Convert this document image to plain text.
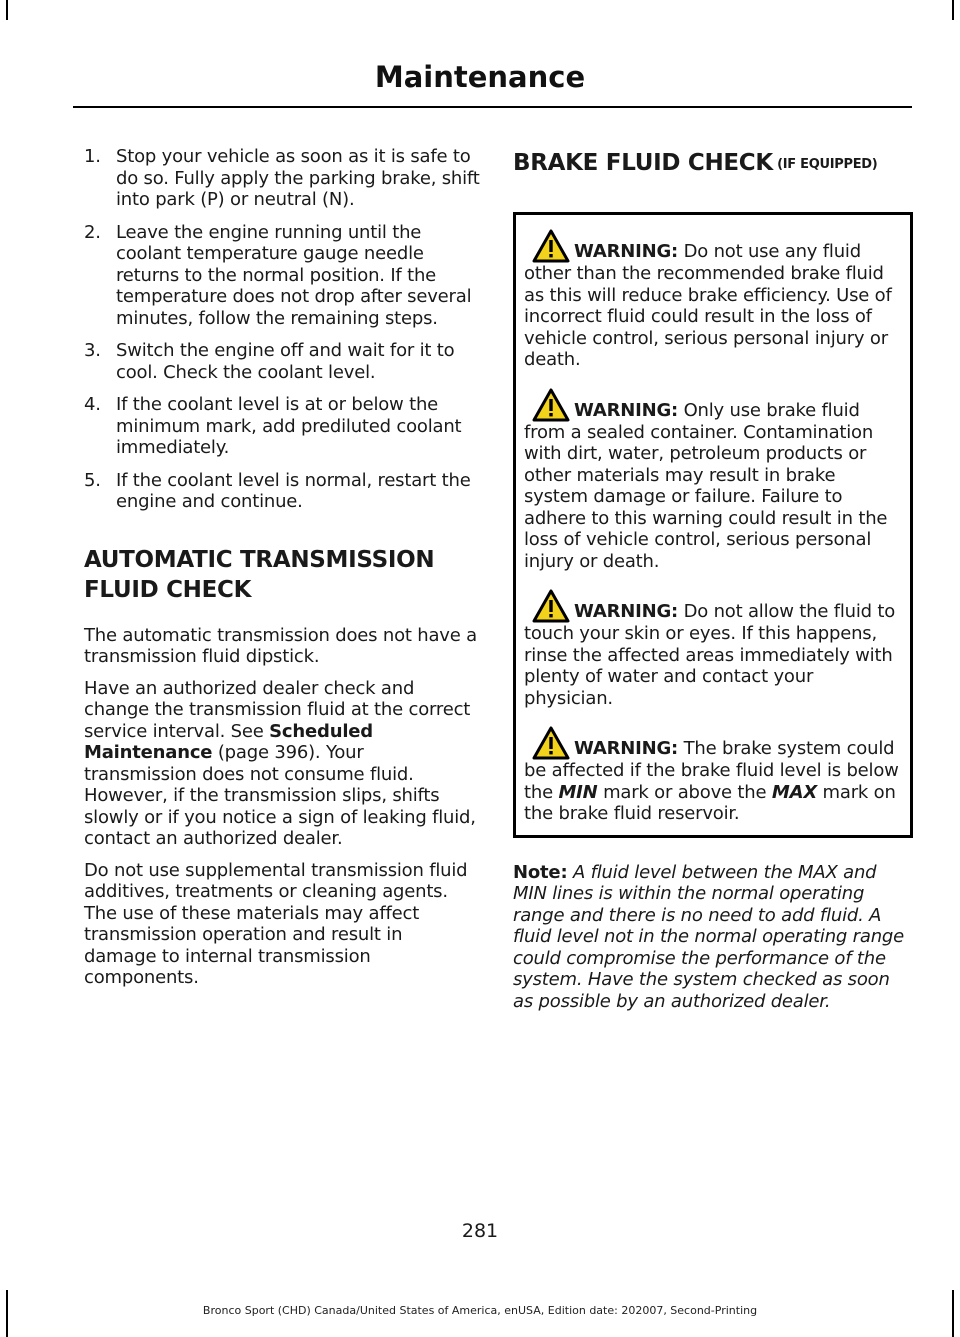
Maintenance
1. Stop your vehicle as soon as it is safe to do so. Fully apply the parking brake, shift into park (P) or neutral (N).
2. Leave the engine running until the coolant temperature gauge needle returns to the normal position. If the temperature does not drop after several minutes, follow the remaining steps.
3. Switch the engine off and wait for it to cool. Check the coolant level.
4. If the coolant level is at or below the minimum mark, add prediluted coolant immediately.
5. If the coolant level is normal, restart the engine and continue.
AUTOMATIC TRANSMISSION
FLUID CHECK

The automatic transmission does not have a transmission fluid dipstick.

Have an authorized dealer check and change the transmission fluid at the correct service interval. See Scheduled Maintenance (page 396). Your transmission does not consume fluid. However, if the transmission slips, shifts slowly or if you notice a sign of leaking fluid, contact an authorized dealer.

Do not use supplemental transmission fluid additives, treatments or cleaning agents. The use of these materials may affect transmission operation and result in damage to internal transmission components.

BRAKE FLUID CHECK (IF EQUIPPED)
WARNING: Do not use any fluid other than the recommended brake fluid as this will reduce brake efficiency. Use of incorrect fluid could result in the loss of vehicle control, serious personal injury or death.
WARNING: Only use brake fluid from a sealed container. Contamination with dirt, water, petroleum products or other materials may result in brake system damage or failure. Failure to adhere to this warning could result in the loss of vehicle control, serious personal injury or death.
WARNING: Do not allow the fluid to touch your skin or eyes. If this happens, rinse the affected areas immediately with plenty of water and contact your physician.
WARNING: The brake system could be affected if the brake fluid level is below the MIN mark or above the MAX mark on the brake fluid reservoir.

Note: A fluid level between the MAX and MIN lines is within the normal operating range and there is no need to add fluid. A fluid level not in the normal operating range could compromise the performance of the system. Have the system checked as soon as possible by an authorized dealer.

281
Bronco Sport (CHD) Canada/United States of America, enUSA, Edition date: 202007, Second-Printing
